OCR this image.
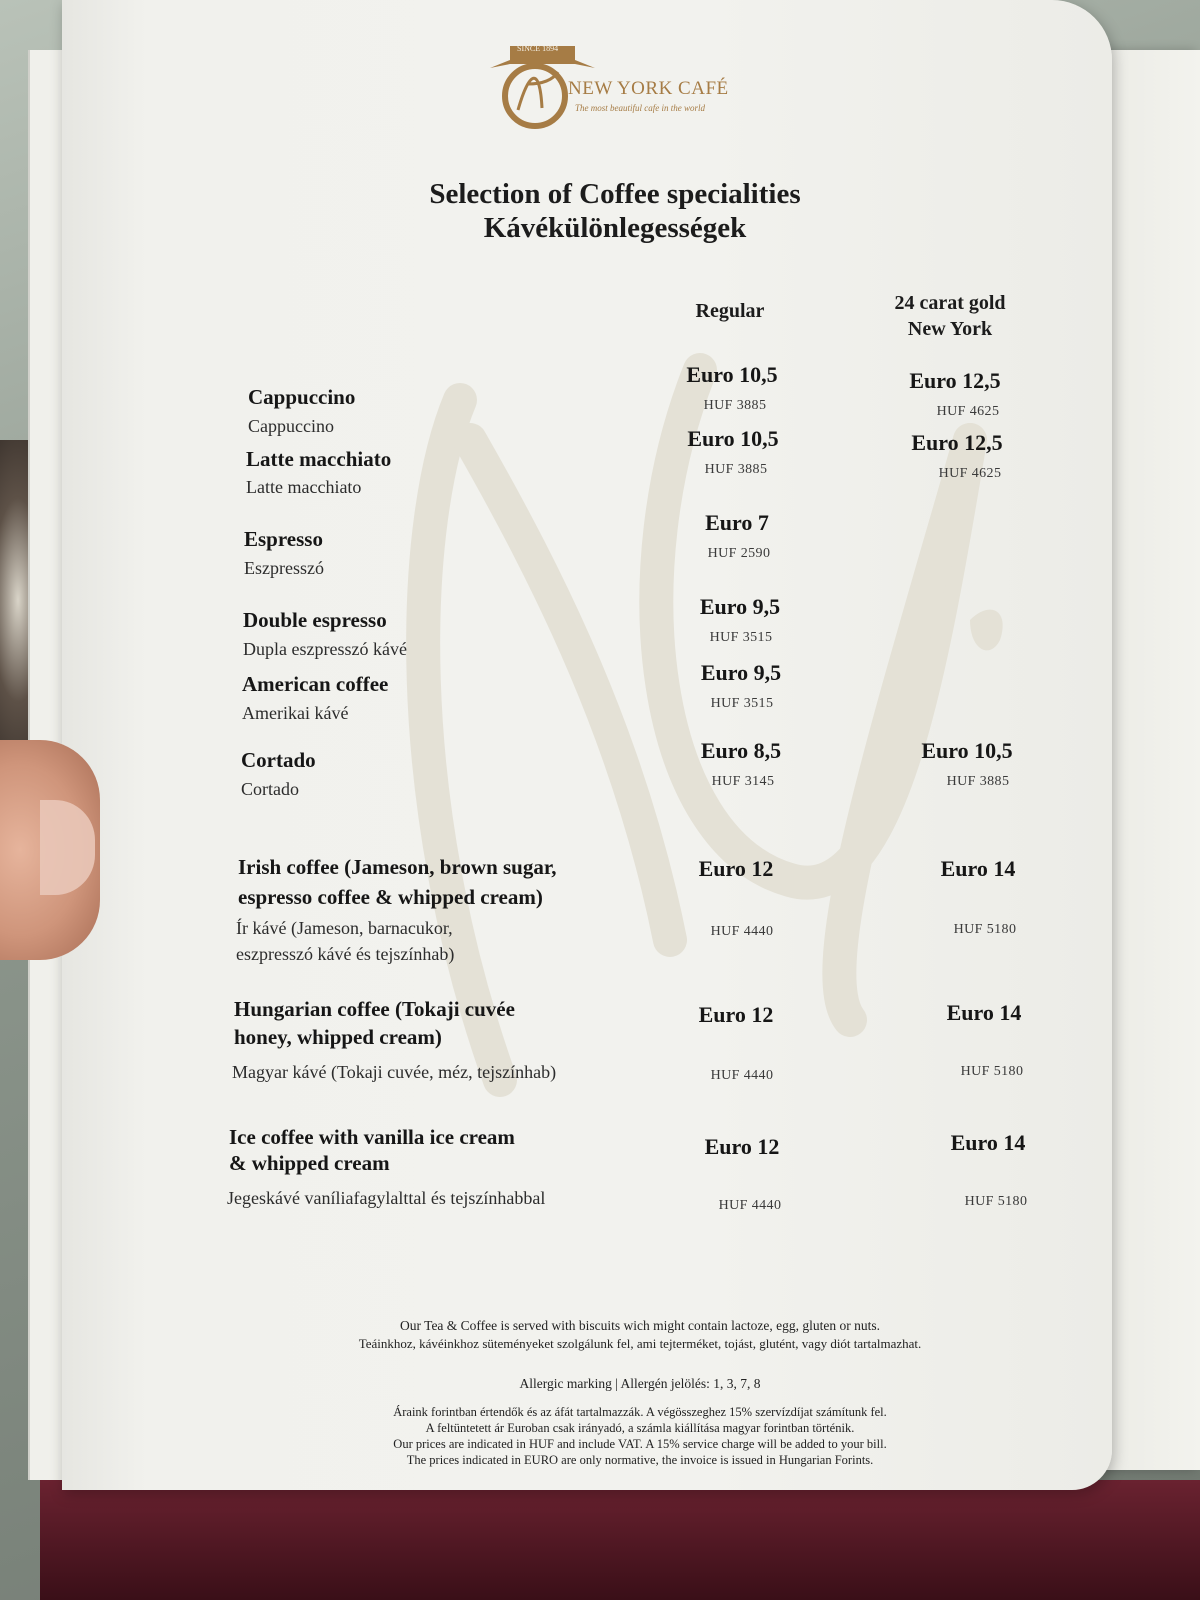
SINCE 1894
NEW YORK CAFÉ
The most beautiful cafe in the world
Selection of Coffee specialities
Kávékülönlegességek
Regular	24 carat gold
New York
Cappuccino
Cappuccino
Euro 10,5
HUF 3885
Euro 12,5
HUF 4625
Latte macchiato
Latte macchiato
Euro 10,5
HUF 3885
Euro 12,5
HUF 4625
Espresso
Eszpresszó
Euro 7
HUF 2590
Double espresso
Dupla eszpresszó kávé
Euro 9,5
HUF 3515
American coffee
Amerikai kávé
Euro 9,5
HUF 3515
Cortado
Cortado
Euro 8,5
HUF 3145
Euro 10,5
HUF 3885
Irish coffee (Jameson, brown sugar,
espresso coffee & whipped cream)
Ír kávé (Jameson, barnacukor,
eszpresszó kávé és tejszínhab)
Euro 12
HUF 4440
Euro 14
HUF 5180
Hungarian coffee (Tokaji cuvée
honey, whipped cream)
Magyar kávé (Tokaji cuvée, méz, tejszínhab)
Euro 12
HUF 4440
Euro 14
HUF 5180
Ice coffee with vanilla ice cream
& whipped cream
Jegeskávé vaníliafagylalttal és tejszínhabbal
Euro 12
HUF 4440
Euro 14
HUF 5180
Our Tea & Coffee is served with biscuits wich might contain lactoze, egg, gluten or nuts.
Teáinkhoz, kávéinkhoz süteményeket szolgálunk fel, ami tejterméket, tojást, glutént, vagy diót tartalmazhat.
Allergic marking | Allergén jelölés: 1, 3, 7, 8
Áraink forintban értendők és az áfát tartalmazzák. A végösszeghez 15% szervízdíjat számítunk fel.
A feltüntetett ár Euroban csak irányadó, a számla kiállítása magyar forintban történik.
Our prices are indicated in HUF and include VAT. A 15% service charge will be added to your bill.
The prices indicated in EURO are only normative, the invoice is issued in Hungarian Forints.
